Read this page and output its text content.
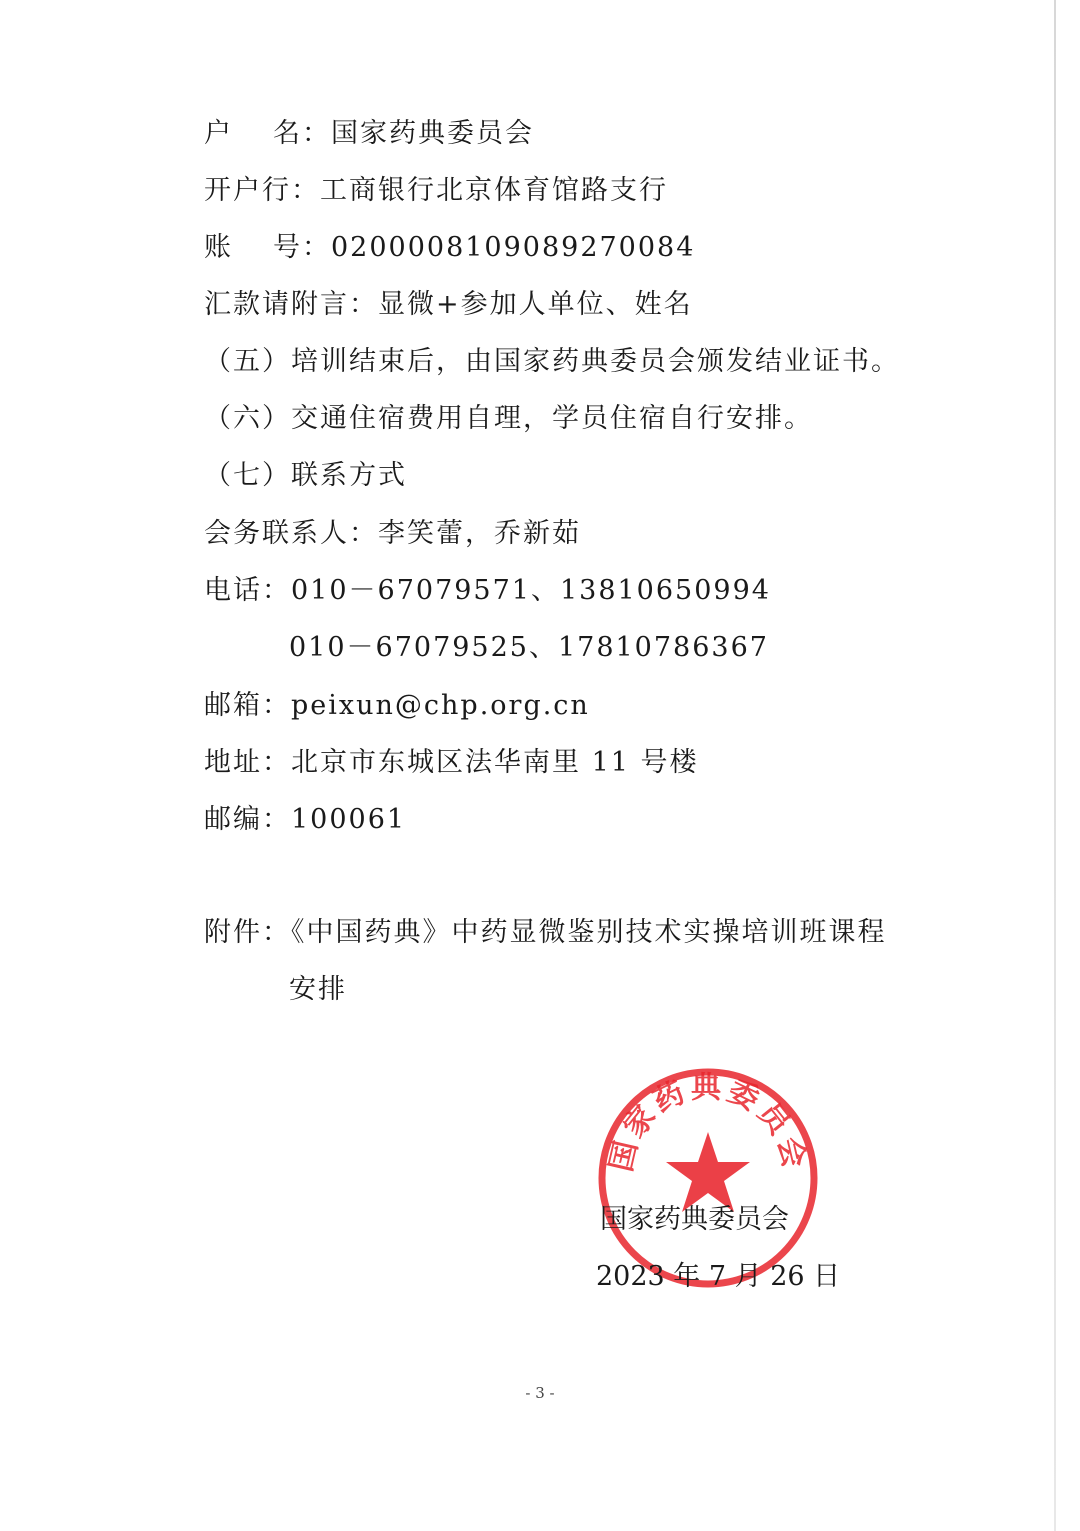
户 名：国家药典委员会
开户行：工商银行北京体育馆路支行
账 号：0200008109089270084
汇款请附言：显微+参加人单位、姓名
（五）培训结束后，由国家药典委员会颁发结业证书。
（六）交通住宿费用自理，学员住宿自行安排。
（七）联系方式
会务联系人：李笑蕾，乔新茹
电话：010－67079571、13810650994
010－67079525、17810786367
邮箱：peixun@chp.org.cn
地址：北京市东城区法华南里 11 号楼
邮编：100061
附件：《中国药典》中药显微鉴别技术实操培训班课程
安排
国家药典委员会
国家药典委员会
2023 年 7 月 26 日
- 3 -
